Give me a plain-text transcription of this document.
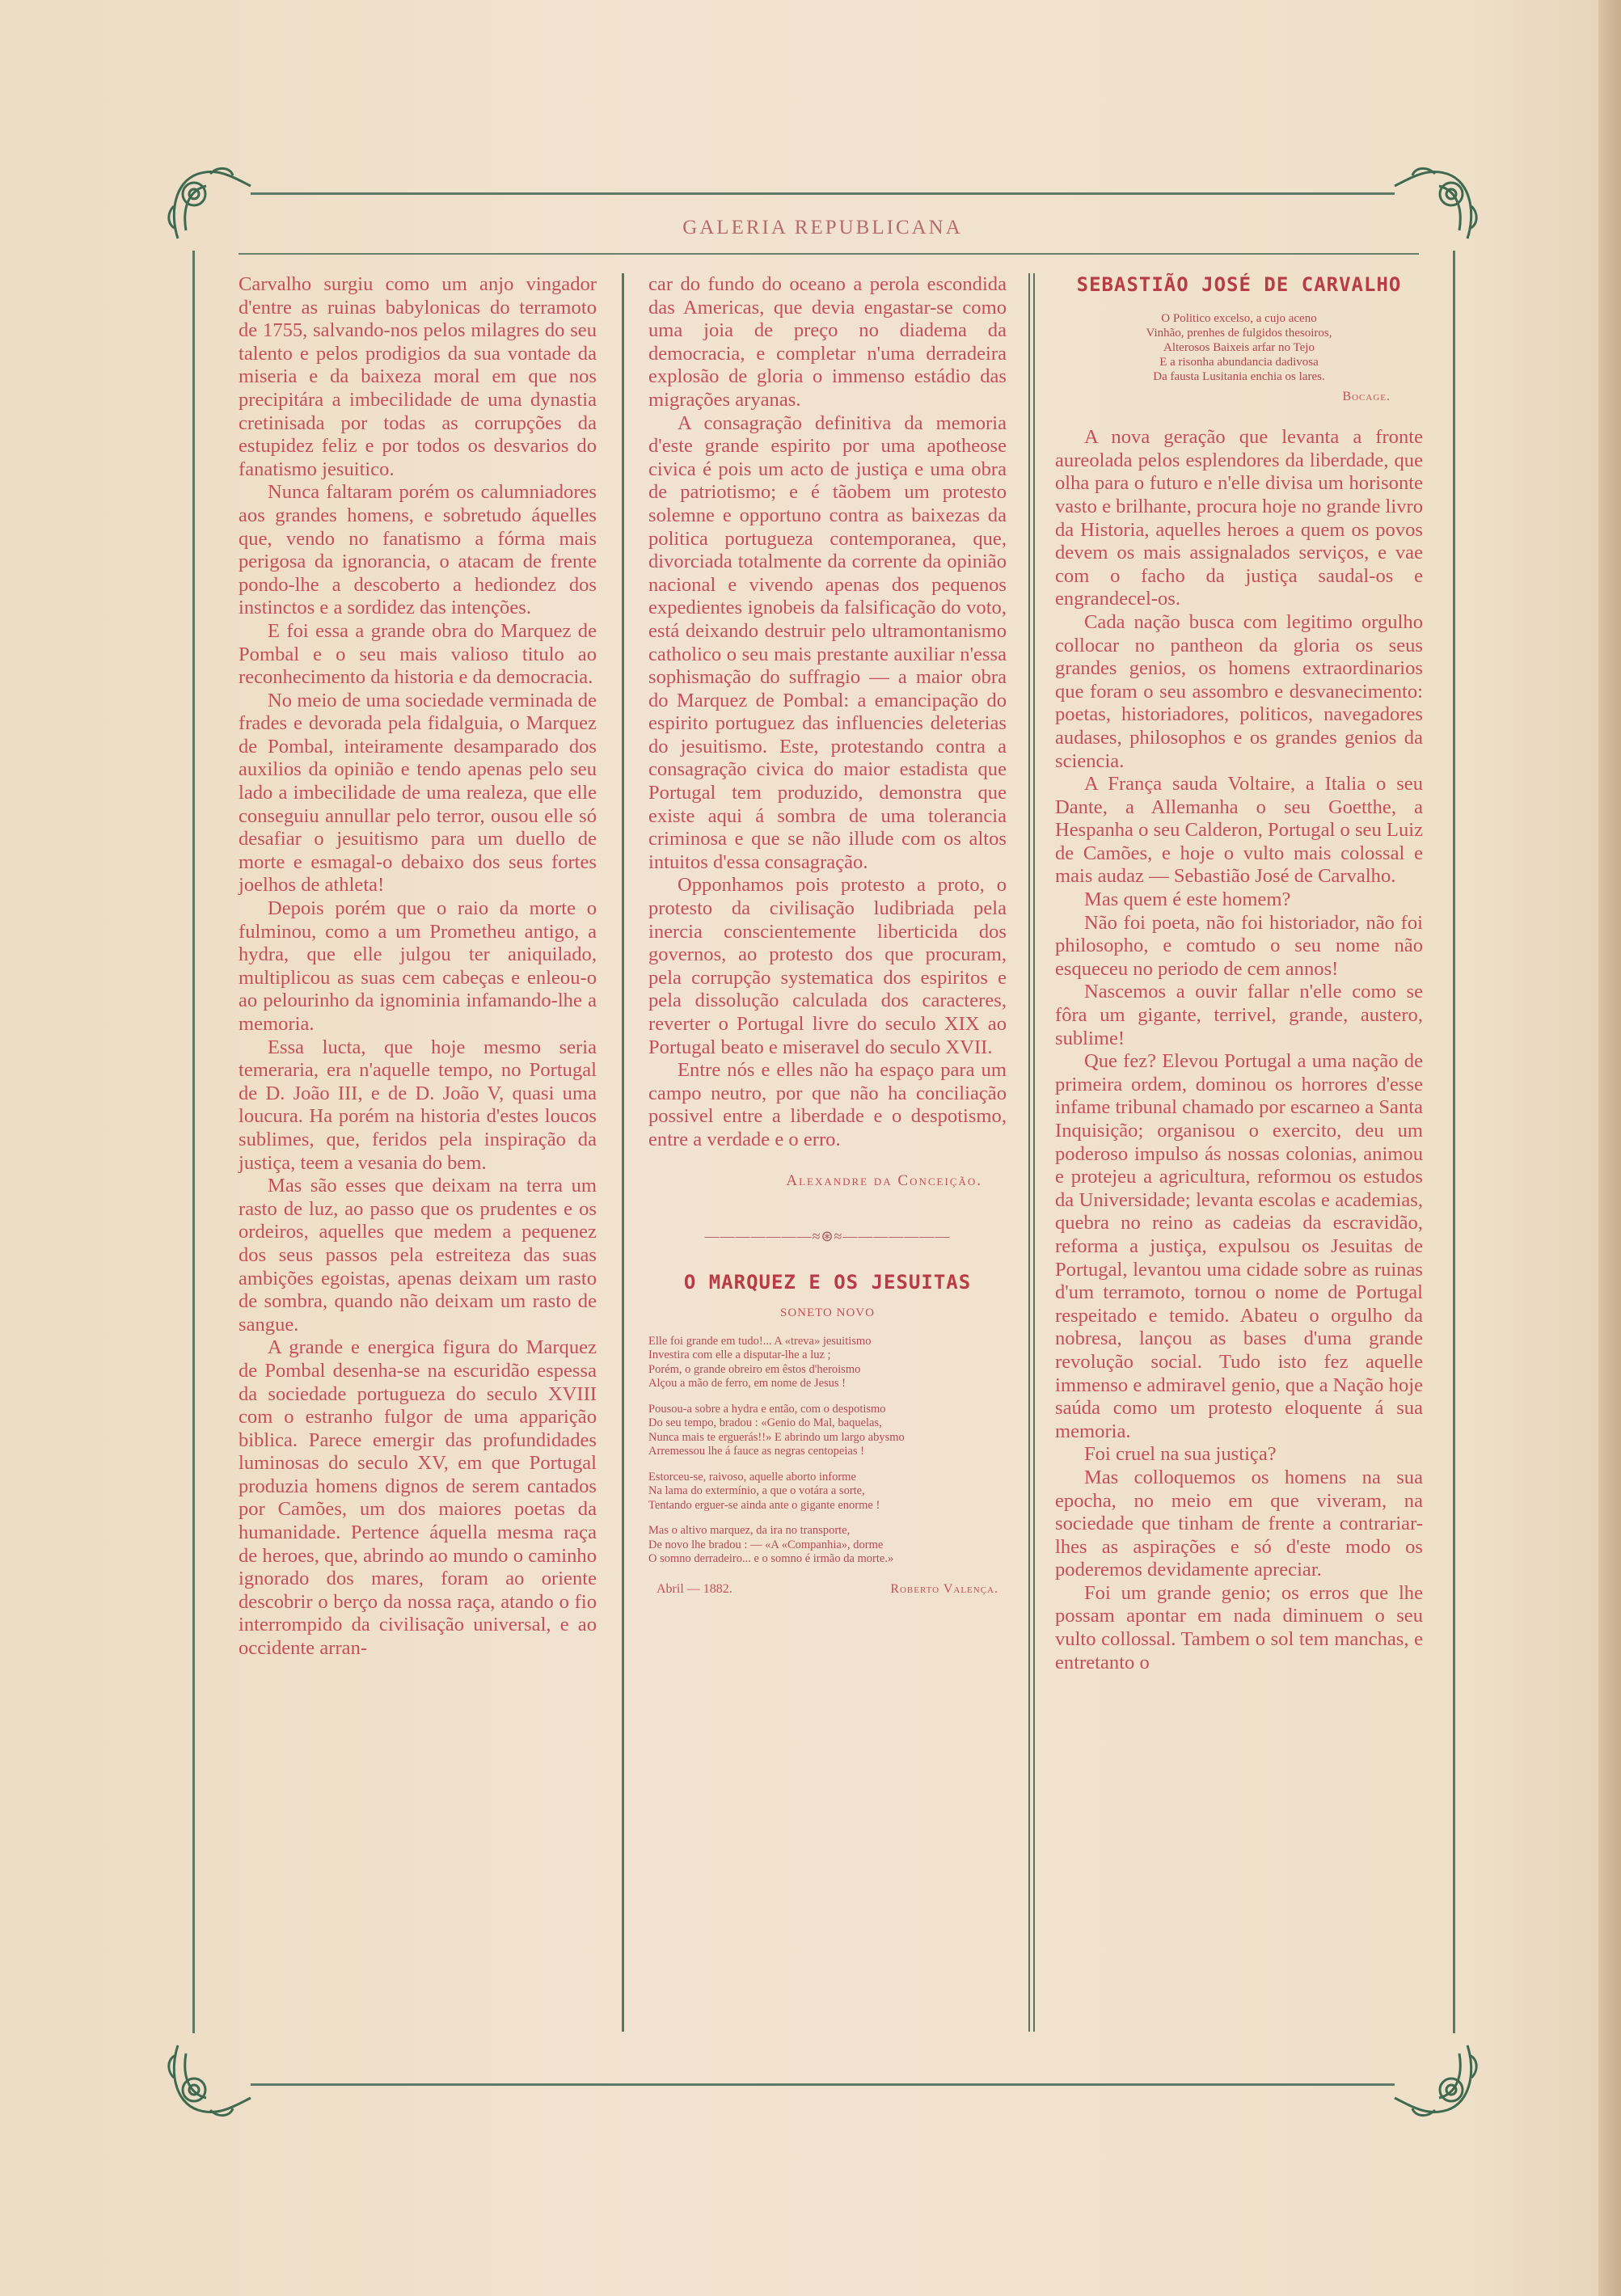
GALERIA REPUBLICANA

Carvalho surgiu como um anjo vingador d'entre as ruinas babylonicas do terramoto de 1755, salvando-nos pelos milagres do seu talento e pelos prodigios da sua vontade da miseria e da baixeza moral em que nos precipitára a imbecilidade de uma dynastia cretinisada por todas as corrupções da estupidez feliz e por todos os desvarios do fanatismo jesuitico.

Nunca faltaram porém os calumniadores aos grandes homens, e sobretudo áquelles que, vendo no fanatismo a fórma mais perigosa da ignorancia, o atacam de frente pondo-lhe a descoberto a hediondez dos instinctos e a sordidez das intenções.

E foi essa a grande obra do Marquez de Pombal e o seu mais valioso titulo ao reconhecimento da historia e da democracia.

No meio de uma sociedade verminada de frades e devorada pela fidalguia, o Marquez de Pombal, inteiramente desamparado dos auxilios da opinião e tendo apenas pelo seu lado a imbecilidade de uma realeza, que elle conseguiu annullar pelo terror, ousou elle só desafiar o jesuitismo para um duello de morte e esmagal-o debaixo dos seus fortes joelhos de athleta!

Depois porém que o raio da morte o fulminou, como a um Prometheu antigo, a hydra, que elle julgou ter aniquilado, multiplicou as suas cem cabeças e enleou-o ao pelourinho da ignominia infamando-lhe a memoria.

Essa lucta, que hoje mesmo seria temeraria, era n'aquelle tempo, no Portugal de D. João III, e de D. João V, quasi uma loucura. Ha porém na historia d'estes loucos sublimes, que, feridos pela inspiração da justiça, teem a vesania do bem.

Mas são esses que deixam na terra um rasto de luz, ao passo que os prudentes e os ordeiros, aquelles que medem a pequenez dos seus passos pela estreiteza das suas ambições egoistas, apenas deixam um rasto de sombra, quando não deixam um rasto de sangue.

A grande e energica figura do Marquez de Pombal desenha-se na escuridão espessa da sociedade portugueza do seculo XVIII com o estranho fulgor de uma apparição biblica. Parece emergir das profundidades luminosas do seculo XV, em que Portugal produzia homens dignos de serem cantados por Camões, um dos maiores poetas da humanidade. Pertence áquella mesma raça de heroes, que, abrindo ao mundo o caminho ignorado dos mares, foram ao oriente descobrir o berço da nossa raça, atando o fio interrompido da civilisação universal, e ao occidente arran-

car do fundo do oceano a perola escondida das Americas, que devia engastar-se como uma joia de preço no diadema da democracia, e completar n'uma derradeira explosão de gloria o immenso estádio das migrações aryanas.

A consagração definitiva da memoria d'este grande espirito por uma apotheose civica é pois um acto de justiça e uma obra de patriotismo; e é tãobem um protesto solemne e opportuno contra as baixezas da politica portugueza contemporanea, que, divorciada totalmente da corrente da opinião nacional e vivendo apenas dos pequenos expedientes ignobeis da falsificação do voto, está deixando destruir pelo ultramontanismo catholico o seu mais prestante auxiliar n'essa sophismação do suffragio — a maior obra do Marquez de Pombal: a emancipação do espirito portuguez das influencies deleterias do jesuitismo. Este, protestando contra a consagração civica do maior estadista que Portugal tem produzido, demonstra que existe aqui á sombra de uma tolerancia criminosa e que se não illude com os altos intuitos d'essa consagração.

Opponhamos pois protesto a proto, o protesto da civilisação ludibriada pela inercia conscientemente liberticida dos governos, ao protesto dos que procuram, pela corrupção systematica dos espiritos e pela dissolução calculada dos caracteres, reverter o Portugal livre do seculo XIX ao Portugal beato e miseravel do seculo XVII.

Entre nós e elles não ha espaço para um campo neutro, por que não ha conciliação possivel entre a liberdade e o despotismo, entre a verdade e o erro.

Alexandre da Conceição.
———————≈⊛≈———————
O MARQUEZ E OS JESUITAS
SONETO NOVO

Elle foi grande em tudo!... A «treva» jesuitismo
Investira com elle a disputar-lhe a luz ;
Porém, o grande obreiro em êstos d'heroismo
Alçou a mão de ferro, em nome de Jesus !

Pousou-a sobre a hydra e então, com o despotismo
Do seu tempo, bradou : «Genio do Mal, baquelas,
Nunca mais te erguerás!!» E abrindo um largo abysmo
Arremessou lhe á fauce as negras centopeias !

Estorceu-se, raivoso, aquelle aborto informe
Na lama do extermínio, a que o votára a sorte,
Tentando erguer-se ainda ante o gigante enorme !

Mas o altivo marquez, da ira no transporte,
De novo lhe bradou : — «A «Companhia», dorme
O somno derradeiro... e o somno é irmão da morte.»

Abril — 1882.	Roberto Valença.
SEBASTIÃO JOSÉ DE CARVALHO

O Politico excelso, a cujo aceno
Vinhão, prenhes de fulgidos thesoiros,
Alterosos Baixeis arfar no Tejo
E a risonha abundancia dadivosa
Da fausta Lusitania enchia os lares.

Bocage.

A nova geração que levanta a fronte aureolada pelos esplendores da liberdade, que olha para o futuro e n'elle divisa um horisonte vasto e brilhante, procura hoje no grande livro da Historia, aquelles heroes a quem os povos devem os mais assignalados serviços, e vae com o facho da justiça saudal-os e engrandecel-os.

Cada nação busca com legitimo orgulho collocar no pantheon da gloria os seus grandes genios, os homens extraordinarios que foram o seu assombro e desvanecimento: poetas, historiadores, politicos, navegadores audases, philosophos e os grandes genios da sciencia.

A França sauda Voltaire, a Italia o seu Dante, a Allemanha o seu Goetthe, a Hespanha o seu Calderon, Portugal o seu Luiz de Camões, e hoje o vulto mais colossal e mais audaz — Sebastião José de Carvalho.

Mas quem é este homem?

Não foi poeta, não foi historiador, não foi philosopho, e comtudo o seu nome não esqueceu no periodo de cem annos!

Nascemos a ouvir fallar n'elle como se fôra um gigante, terrivel, grande, austero, sublime!

Que fez? Elevou Portugal a uma nação de primeira ordem, dominou os horrores d'esse infame tribunal chamado por escarneo a Santa Inquisição; organisou o exercito, deu um poderoso impulso ás nossas colonias, animou e protejeu a agricultura, reformou os estudos da Universidade; levanta escolas e academias, quebra no reino as cadeias da escravidão, reforma a justiça, expulsou os Jesuitas de Portugal, levantou uma cidade sobre as ruinas d'um terramoto, tornou o nome de Portugal respeitado e temido. Abateu o orgulho da nobresa, lançou as bases d'uma grande revolução social. Tudo isto fez aquelle immenso e admiravel genio, que a Nação hoje saúda como um protesto eloquente á sua memoria.

Foi cruel na sua justiça?

Mas colloquemos os homens na sua epocha, no meio em que viveram, na sociedade que tinham de frente a contrariar-lhes as aspirações e só d'este modo os poderemos devidamente apreciar.

Foi um grande genio; os erros que lhe possam apontar em nada diminuem o seu vulto collossal. Tambem o sol tem manchas, e entretanto o
